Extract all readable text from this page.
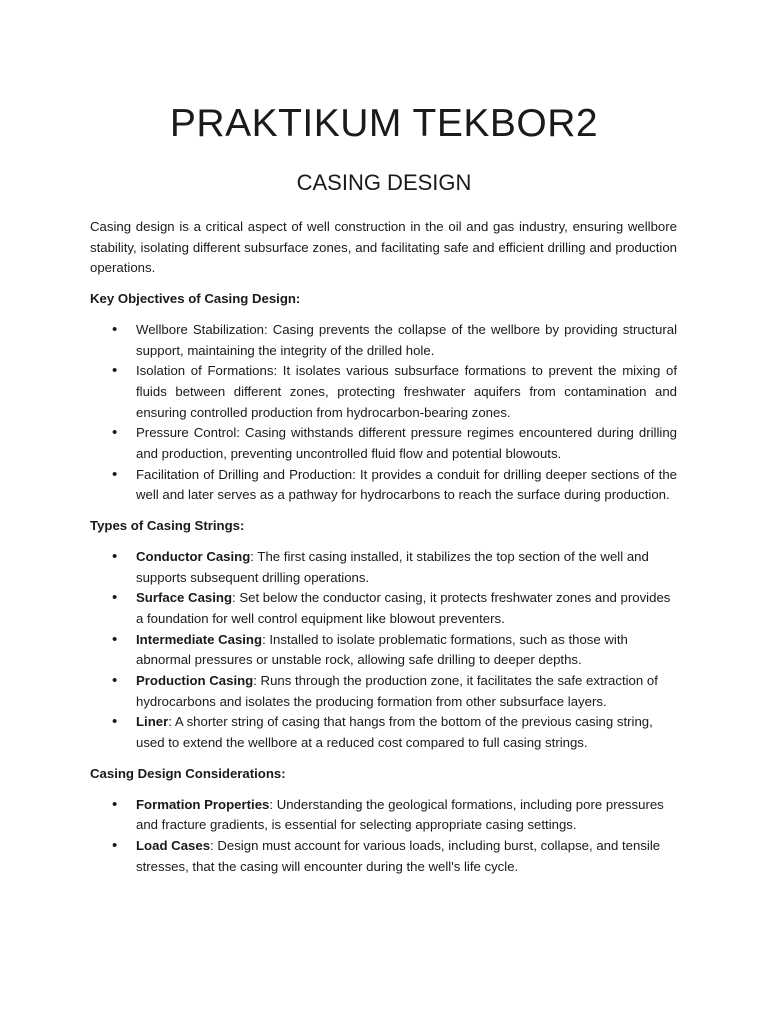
PRAKTIKUM TEKBOR2
CASING DESIGN

Casing design is a critical aspect of well construction in the oil and gas industry, ensuring wellbore stability, isolating different subsurface zones, and facilitating safe and efficient drilling and production operations.

Key Objectives of Casing Design:

• Wellbore Stabilization: Casing prevents the collapse of the wellbore by providing structural support, maintaining the integrity of the drilled hole.
• Isolation of Formations: It isolates various subsurface formations to prevent the mixing of fluids between different zones, protecting freshwater aquifers from contamination and ensuring controlled production from hydrocarbon-bearing zones.
• Pressure Control: Casing withstands different pressure regimes encountered during drilling and production, preventing uncontrolled fluid flow and potential blowouts.
• Facilitation of Drilling and Production: It provides a conduit for drilling deeper sections of the well and later serves as a pathway for hydrocarbons to reach the surface during production.

Types of Casing Strings:

• Conductor Casing: The first casing installed, it stabilizes the top section of the well and supports subsequent drilling operations.
• Surface Casing: Set below the conductor casing, it protects freshwater zones and provides a foundation for well control equipment like blowout preventers.
• Intermediate Casing: Installed to isolate problematic formations, such as those with abnormal pressures or unstable rock, allowing safe drilling to deeper depths.
• Production Casing: Runs through the production zone, it facilitates the safe extraction of hydrocarbons and isolates the producing formation from other subsurface layers.
• Liner: A shorter string of casing that hangs from the bottom of the previous casing string, used to extend the wellbore at a reduced cost compared to full casing strings.

Casing Design Considerations:

• Formation Properties: Understanding the geological formations, including pore pressures and fracture gradients, is essential for selecting appropriate casing settings.
• Load Cases: Design must account for various loads, including burst, collapse, and tensile stresses, that the casing will encounter during the well's life cycle.
